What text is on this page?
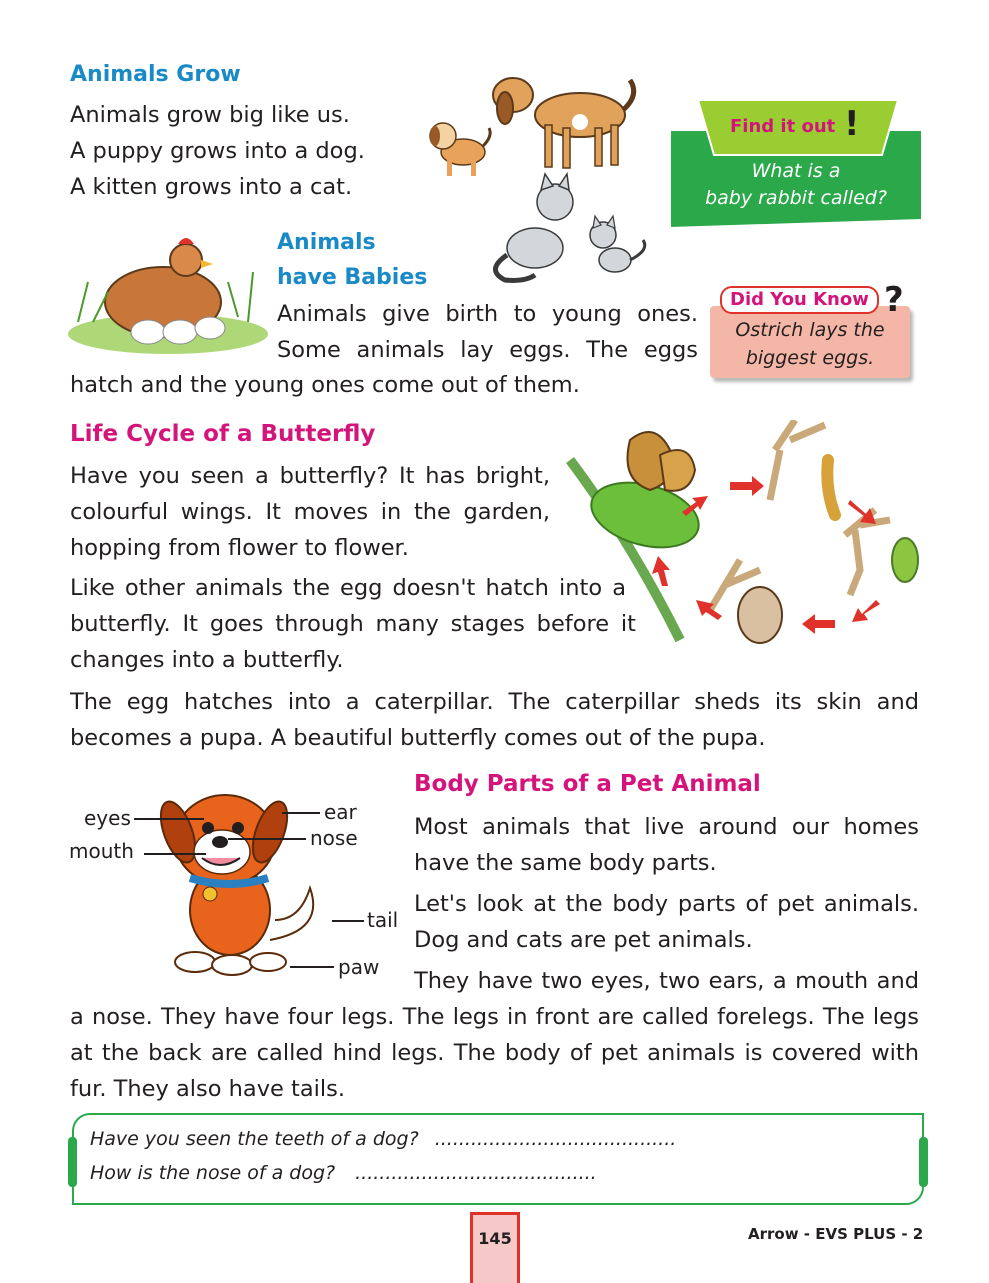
Animals Grow
Animals grow big like us.
A puppy grows into a dog.
A kitten grows into a cat.
Find it out !
What is a
baby rabbit called?
Animals
have Babies
Animals give birth to young ones.
Some animals lay eggs. The eggs
hatch and the young ones come out of them.
Did You Know ?
Ostrich lays the
biggest eggs.
Life Cycle of a Butterfly
Have you seen a butterfly? It has bright,
colourful wings. It moves in the garden,
hopping from flower to flower.
Like other animals the egg doesn't hatch into a
butterfly. It goes through many stages before it
changes into a butterfly.
The egg hatches into a caterpillar. The caterpillar sheds its skin and
becomes a pupa. A beautiful butterfly comes out of the pupa.
eyes
mouth
ear
nose
tail
paw
Body Parts of a Pet Animal
Most animals that live around our homes
have the same body parts.
Let's look at the body parts of pet animals.
Dog and cats are pet animals.
They have two eyes, two ears, a mouth and
a nose. They have four legs. The legs in front are called forelegs. The legs
at the back are called hind legs. The body of pet animals is covered with
fur. They also have tails.
Have you seen the teeth of a dog? ........................................
How is the nose of a dog? ........................................
145	Arrow - EVS PLUS - 2
